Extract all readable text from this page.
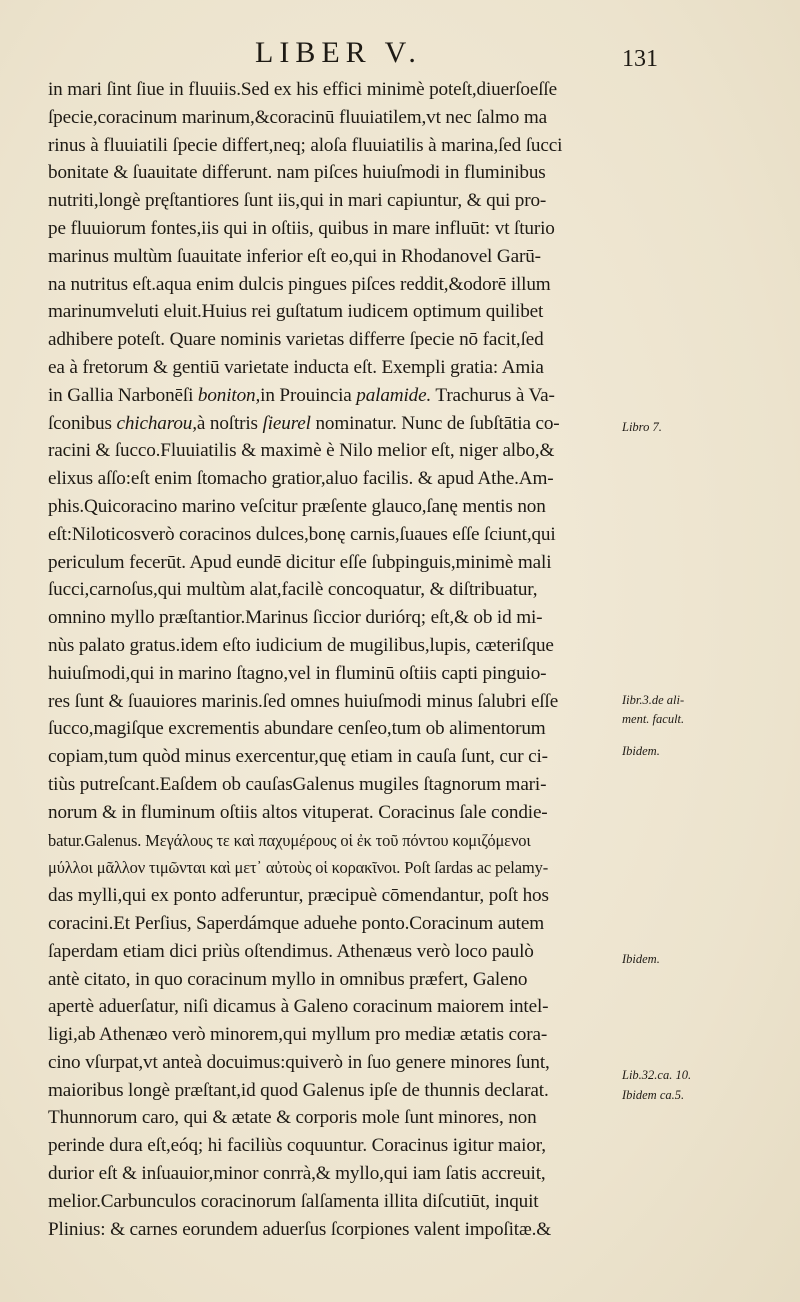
LIBER V.	131
in mari ſint ſiue in fluuiis.Sed ex his effici minimè poteſt,diuerſoeſſe
ſpecie,coracinum marinum,&coracinū fluuiatilem,vt nec ſalmo ma
rinus à fluuiatili ſpecie differt,neq; aloſa fluuiatilis à marina,ſed ſucci
bonitate & ſuauitate differunt. nam piſces huiuſmodi in fluminibus
nutriti,longè pręſtantiores ſunt iis,qui in mari capiuntur, & qui pro-
pe fluuiorum fontes,iis qui in oſtiis, quibus in mare influūt: vt ſturio
marinus multùm ſuauitate inferior eſt eo,qui in Rhodanovel Garū-
na nutritus eſt.aqua enim dulcis pingues piſces reddit,&odorē illum
marinumveluti eluit.Huius rei guſtatum iudicem optimum quilibet
adhibere poteſt. Quare nominis varietas differre ſpecie nō facit,ſed
ea à fretorum & gentiū varietate inducta eſt. Exempli gratia: Amia
in Gallia Narbonēſi boniton,in Prouincia palamide. Trachurus à Va-
ſconibus chicharou,à noſtris ſieurel nominatur. Nunc de ſubſtātia co-
racini & ſucco.Fluuiatilis & maximè è Nilo melior eſt, niger albo,&
elixus aſſo:eſt enim ſtomacho gratior,aluo facilis. & apud Athe.Am-
phis.Quicoracino marino veſcitur præſente glauco,ſanę mentis non
eſt:Niloticosverò coracinos dulces,bonę carnis,ſuaues eſſe ſciunt,qui
periculum fecerūt. Apud eundē dicitur eſſe ſubpinguis,minimè mali
ſucci,carnoſus,qui multùm alat,facilè concoquatur, & diſtribuatur,
omnino myllo præſtantior.Marinus ſiccior duriórq; eſt,& ob id mi-
nùs palato gratus.idem eſto iudicium de mugilibus,lupis, cæteriſque
huiuſmodi,qui in marino ſtagno,vel in fluminū oſtiis capti pinguio-
res ſunt & ſuauiores marinis.ſed omnes huiuſmodi minus ſalubri eſſe
ſucco,magiſque excrementis abundare cenſeo,tum ob alimentorum
copiam,tum quòd minus exercentur,quę etiam in cauſa ſunt, cur ci-
tiùs putreſcant.Eaſdem ob cauſasGalenus mugiles ſtagnorum mari-
norum & in fluminum oſtiis altos vituperat. Coracinus ſale condie-
batur.Galenus. Μεγάλους τε καὶ παχυμέρους οἱ ἐκ τοῦ πόντου κομιζόμενοι
μύλλοι μᾶλλον τιμῶνται καὶ μετ᾽ αὐτοὺς οἱ κορακῖνοι. Poſt ſardas ac pelamy-
das mylli,qui ex ponto adferuntur, præcipuè cōmendantur, poſt hos
coracini.Et Perſius, Saperdámque aduehe ponto.Coracinum autem
ſaperdam etiam dici priùs oſtendimus. Athenæus verò loco paulò
antè citato, in quo coracinum myllo in omnibus præfert, Galeno
apertè aduerſatur, niſi dicamus à Galeno coracinum maiorem intel-
ligi,ab Athenæo verò minorem,qui myllum pro mediæ ætatis cora-
cino vſurpat,vt anteà docuimus:quiverò in ſuo genere minores ſunt,
maioribus longè præſtant,id quod Galenus ipſe de thunnis declarat.
Thunnorum caro, qui & ætate & corporis mole ſunt minores, non
perinde dura eſt,eóq; hi faciliùs coquuntur. Coracinus igitur maior,
durior eſt & inſuauior,minor conrrà,& myllo,qui iam ſatis accreuit,
melior.Carbunculos coracinorum ſalſamenta illita diſcutiūt, inquit
Plinius: & carnes eorundem aduerſus ſcorpiones valent impoſitæ.&
Libro 7.
Iibr.3.de ali-
ment. facult.
Ibidem.
Ibidem.
Lib.32.ca. 10.
Ibidem ca.5.
